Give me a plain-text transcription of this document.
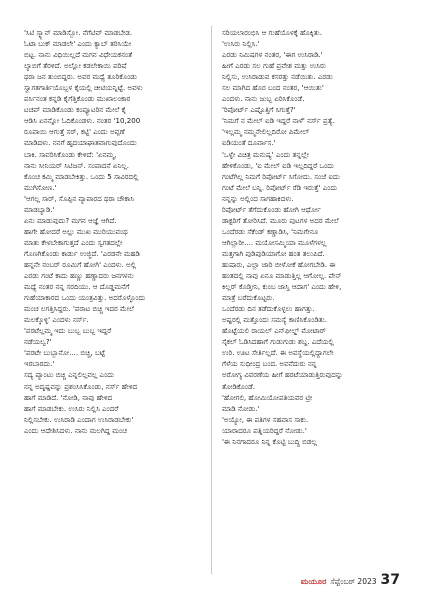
'ಸಿಟಿ ಸ್ಕ್ಯಾನ್ ಮಾಡಿಸ್ಬೋ. ನೆಗೆಟಿವ್ ಮಾಡಬೇಡ.

ಓಟಾ ಬುಕ್ ಮಾಡಲೇ' ಎಂದು ಕ್ಯಾಬ್ ತರಿಸಿಯೇ

ಬಿಟ್ಟ. ನಾನು ವಿಧಿಯಿಲ್ಲದೆ ಮಗನ ವಿಧೇಯಕನಂತೆ

ಲ್ಯಾಬಿಗೆ ತೆರಳಿದೆ. ಅಲ್ಲೋ ಕಡಲೇಕಾಯಿ ಪರಿಷೆ

ಥರಾ ಜನ ತುಂಬಿದ್ದರು. ಅವರ ಮಧ್ಯೆ ತೂರಿಕೊಂಡು

ಸ್ವಾಗತಗಾರ್ತಿಯೊಬ್ಬಳ ಕೈಯಲ್ಲಿ ಚೀಟಿಯನ್ನಿಟ್ಟೆ. ಅವಳು

ಪರ್ಸಿನಂತ ಕನ್ನಡಿ ಕೈಗೆತ್ತಿಕೊಂಡು ಮುಖಾಲಂಕಾರ

ಟಚಪ್ ಮಾಡಿಕೊಂಡು ಕಂಪ್ಯೂಟರಿನ ಮೇಲೆ ಕೈ

ಆಡಿಸಿ ಏನನ್ನೋ ಓದಿಕೊಂಡಳು. ನಂತರ '10,200

ರೂಪಾಯಿ ಆಗುತ್ತೆ ಸರ್, ಕಟ್ಟಿ' ಎಂದು ಅಪ್ಪಣೆ

ಮಾಡಿದಳು. ನನಗೆ ಹೃದಯಾಘಾತವಾಗುವುದೊಂದು

ಬಾಕಿ. ಸಾವರಿಸಿಕೊಂಡು ಕೇಳಿದೆ: 'ಏನಮ್ಮ,

ನಾನು ಸೀನಿಯರ್ ಸಿಟಿಜನ್. ಸಂಪಾದನೆ ಏನಿಲ್ಲ.

ಕೊಂಚ ಕಮ್ಮಿ ಮಾಡಬೇಕಿತ್ತು. ಒಂದು 5 ಸಾವಿರದಲ್ಲಿ

ಮುಗಿಸೋಣ.'

'ಆಗಲ್ಲ ಸಾರ್, ಸೊಪ್ಪಿನ ವ್ಯಾಪಾರದ ಥರಾ ಚೌಕಾಸಿ

ಮಾಡಬ್ಯಾಡಿ.'

ಏನು ಮಾಡುವುದು? ಮಗನ ಆಜ್ಞೆ ಆಗಿದೆ.

ಹಾಗೇ ಹೋದರೆ ಅಲ್ಲು ಮುಖ ಮುರಿಯುವಂಥ

ಮಾತು ಕೇಳಬೇಕಾಗುತ್ತದೆ ಎಂದು ಸ್ವಗತದಲ್ಲೇ

ಗೊಣಗಿಕೊಂಡು ಕಾರ್ಡು ಉಜ್ಜಿದೆ. 'ಎರಡನೇ ಮಹಡಿ

ಹನ್ನನೇ ನಂಬರ್ ರೂಮಿಗೆ ಹೋಗಿ' ಎಂದಳು. ಅಲ್ಲಿ

ಎರಡು ಗಂಟೆ ಕಾದು ಹಣ್ಣು ಹಣ್ಣಾದರು ಜನಗಳನು

ಮಧ್ಯೆ ನಂತರ ನನ್ನ ಸರದಿಯು. ಆ ದೊಡ್ಡಮನೆಗೆ

ಗುಹೆಯಾಕಾರದ ಒಂದು ಯಂತ್ರವಿತ್ತು. ಅದರೊಳ್ಳೊಂದು

ಮಂಚ ಲಗತ್ತಿಸಿದ್ದರು. 'ಪರಾಟ ಬಿಚ್ಚಿ ಇದರ ಮೇಲೆ

ಮಲಕ್ಕೊಳ್ಳಿ' ಎಂದಳು ನರ್ಸ್.

'ಪರಟೆಲ್ಲಮ್ಮ ಇದು ಬುಬ್ಬ ಬುಬ್ಬ ಇದ್ದರೆ

ನಡೆಯಲ್ವ?'

'ಪರಟೇ ಬುಬ್ಬಾನೋ.... ಬಿಚ್ಚಿ, ಬಟ್ಟೆ

ಇರಬಾರದು.'

ಸದ್ಯ ಪ್ಯಾಂಟು ಬಿಚ್ಚಿ ಎನ್ನಲಿಲ್ಲವಲ್ಲ ಎಂದು

ನನ್ನ ಅದೃಷ್ಟವನ್ನು ಪ್ರಶಂಸಿಸಿಕೊಂಡು, ನರ್ಸ್ ಹೇಳಿದ

ಹಾಗೆ ಮಾಡಿದೆ. 'ನೋಡಿ, ನಾವು ಹೇಳಿದ

ಹಾಗೆ ಮಾಡಬೇಕು. ಉಸಿರು ನಿಲ್ಲಿಸಿ ಎಂದರೆ

ನಿಲ್ಲಿಸಬೇಕು. ಉಸಿರಾಡಿ ಎಂದಾಗ ಉಸಿರಾಡಬೇಕು'

ಎಂದು ಆದೇಶಿಸಿದಳು. ನಾನು ಮಲಗಿದ್ದ ಮಂಚ

ಸರಿಯಲಾರಂಭಿಸಿ ಆ ಗುಹೆಯೊಳಕ್ಕೆ ಹೊಕ್ಕಿತು.

'ಉಸಿರು ನಿಲ್ಲಿಸಿ.'

ಎರಡು ನಿಮಿಷಗಳ ನಂತರ, 'ಈಗ ಉಸಿರಾಡಿ.'

ಹೀಗೆ ಎರಡು ಸಲ ಗುಹೆ ಪ್ರವೇಶ ಮತ್ತು ಉಸಿರು

ನಿಲ್ಲಿಸು, ಉಸಿರಾಡುವ ಕಸರತ್ತು ನಡೆಯಿತು. ಎರಡು

ಸಲ ಮಾಗಿದ ಹೊರ ಬಂದ ನಂತರ, 'ಆಯಿತು'

ಎಂದಳು. ನಾನು ಜುಬ್ಬ ಏರಿಸಿಕೊಂಡೆ.

'ರಿಪೋರ್ಟ್ ಎಷ್ಟೊತ್ತಿಗೆ ಸಿಗುತ್ತೆ?'

'ನಿಮಗೆ ನ ಮೇಲ್ ಐಡಿ ಇದ್ದರೆ ನಾಳೆ' ನರ್ಸ್ ಪ್ರತ್ಯೆ.

'ಇಲ್ಲಮ್ಮ ನಮ್ಮನೇಲಿಲ್ಲದಿರೋ ಪಿಮೇಲ್

ಐಡಿಯಂತೆ ದೂರ್ವಾಸ.'

'ಒಳ್ಳೇ ವಿಚಿತ್ರ ಮನುಷ್ಯ' ಎಂದು ತನ್ನಲ್ಲೇ

ಹೇಳಿಕೊಂಡು, 'ಐ ಮೇಲ್ ಐಡಿ ಇಲ್ಲದಿದ್ದರೆ ಒಂದು

ಗಂಟೆಗಿಲ್ಲ ನಿಮಗೆ ರಿಪೋರ್ಟ್ ಸಿಗೋದು. ಸಂಜೆ ಐದು

ಗಂಟೆ ಮೇಲೆ ಬನ್ನಿ. ರಿಪೋರ್ಟ್ ರೆಡಿ ಇರುತ್ತೆ' ಎಂದು

ನನ್ನನ್ನು ಅಲ್ಲಿಂದ ಸಾಗಹಾಕಿದಳು.

ರಿಪೋರ್ಟ್ ತೆಗೆದುಕೊಂಡು ಹೋಗಿ ಆರ್ಥೋ

ಡಾಕ್ಟರಿಗೆ ತೋರಿಸಿದೆ. ಮೂರು ಪುಟಗಳ ಅದರ ಮೇಲೆ

ಒಂದೆರಡು ಸೆಕೆಂಡ್ ಕಣ್ಣಾಡಿಸಿ, 'ನಿಮಗೇನೂ

ಆಗಿಲ್ಲಾರೀ.... ಮಯೋಸಮ್ಮಿಯಾ ಮೂಳೆಗಳಲ್ಲ

ಮತ್ತಗಾಗಿ ಪುಡಿಪುಡಿಯಾಗೋ ಹಂತ ತಲುಪಿದೆ.

ಹುಷಾರು, ಎಲ್ಲಾ ಜಾರಿ ಬೀಳೋಕೆ ಹೋಗಬೇಡಿ. ಈ

ಹಂತದಲ್ಲಿ ನಾವು ಏನೂ ಮಾಡುತ್ತಿಲ್ಲ ಆಗೋಲ್ಲ. ಪೇನ್

ಕಿಲ್ಲರ್ ಕೊಡ್ತೀನಿ, ಕುಂಬ ಜಾಸ್ತಿ ಆದಾಗ' ಎಂದು ಹೇಳಿ,

ಮಾತ್ರೆ ಬರೆದುಕೊಟ್ಟರು.

ಒಂದೆರಡು ದಿನ ತಡೆದುಕೊಳ್ಳಲು ಹಾಗತ್ತು.

ಅಷ್ಟರಲ್ಲಿ ಮತ್ತೊಂದು ಸಮಸ್ಯೆ ಕಾಣಿಸಿಕೊಂಡಿತು.

ಹೊಟ್ಟೆಯಲಿ ರಾಯಲ್ ಎನ್‌ಫೀಲ್ಡ್ ಮೋಟಾರ್

ಸೈಕಲ್ ಓಡಿಸಿದಹಾಗೆ ಗುಡುಗುಡು ಶಬ್ದ. ಎದೆಯಲ್ಲಿ

ಉರಿ. ಊಟ ಸೇರ್ತಿಲ್ಲದೆ. ಈ ಅವಸ್ಥೆಯಲ್ಲಿದ್ದಾಗಲೇ

ಗೆಳೆಯ ಸುಧೀಂದ್ರ ಬಂದ. ಅವನೆದುರು ನನ್ನ

ಅರೋಗ್ಯ ವಿವರಣೆಯ ಹೀಗೆ ಹರಟೆಯಾಡುತ್ತಿರುವುದನ್ನು

ತೋಡಿಕೊಂಡೆ.

'ಹೋಗಲಿ, ಹೋಮಿಯೋಪತಿಯವರ ಟ್ರೀ

ಮಾಡಿ ನೋಡು.'

'ಅಯ್ಯೋ, ಈ ಪತಿಗಳ ಸಹವಾಸ ಸಾಕು.

ಯಾರಾದರೂ ಪತ್ನಿಯರಿದ್ದರೆ ನೋಡು.'

'ಈ ನಿನಗಾದರೂ ನಿನ್ನ ಕೊಟ್ಟಿ ಬುದ್ಧಿ ಬಿಡಲ್ಲ

ಮಯೂರ ಸೆಪ್ಟೆಂಬರ್ 2023 37
